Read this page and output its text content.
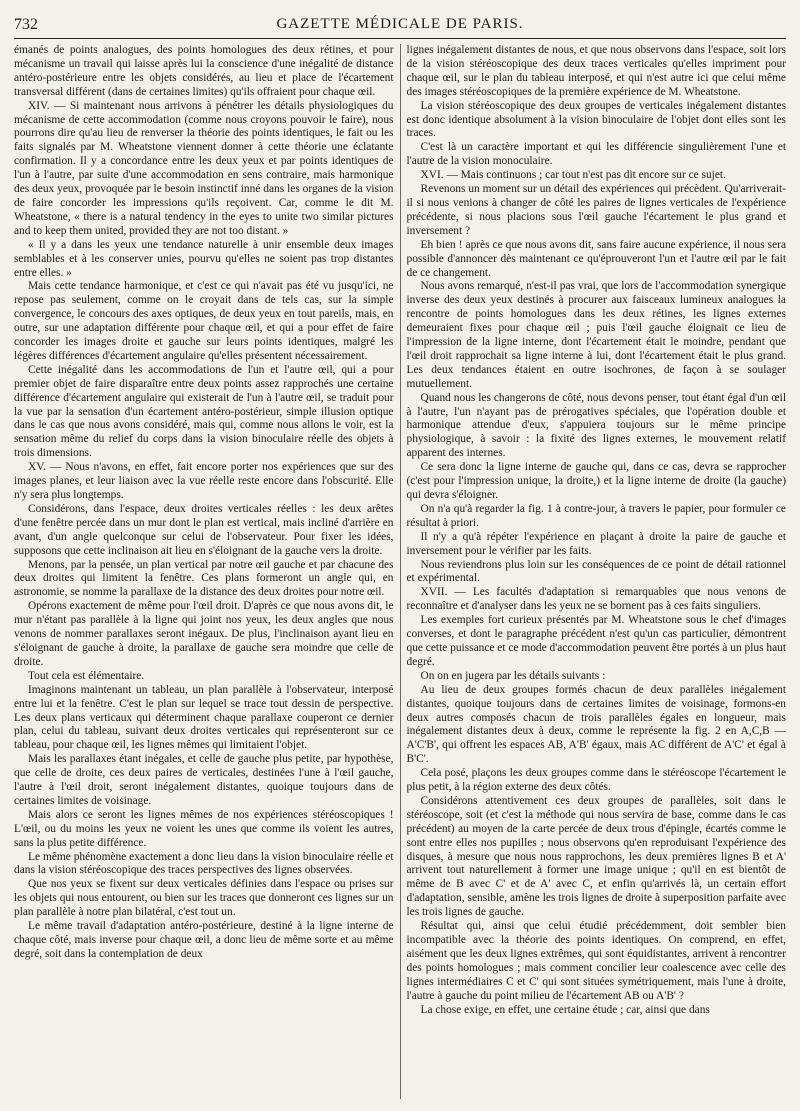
732	GAZETTE MÉDICALE DE PARIS.

émanés de points analogues, des points homologues des deux rétines, et pour mécanisme un travail qui laisse après lui la conscience d'une inégalité de distance antéro-postérieure entre les objets considérés, au lieu et place de l'écartement transversal différent (dans de certaines limites) qu'ils offraient pour chaque œil.

XIV. — Si maintenant nous arrivons à pénétrer les détails physiologiques du mécanisme de cette accommodation (comme nous croyons pouvoir le faire), nous pourrons dire qu'au lieu de renverser la théorie des points identiques, le fait ou les faits signalés par M. Wheatstone viennent donner à cette théorie une éclatante confirmation. Il y a concordance entre les deux yeux et par points identiques de l'un à l'autre, par suite d'une accommodation en sens contraire, mais harmonique des deux yeux, provoquée par le besoin instinctif inné dans les organes de la vision de faire concorder les impressions qu'ils reçoivent. Car, comme le dit M. Wheatstone, « there is a natural tendency in the eyes to unite two similar pictures and to keep them united, provided they are not too distant. »

« Il y a dans les yeux une tendance naturelle à unir ensemble deux images semblables et à les conserver unies, pourvu qu'elles ne soient pas trop distantes entre elles. »

Mais cette tendance harmonique, et c'est ce qui n'avait pas été vu jusqu'ici, ne repose pas seulement, comme on le croyait dans de tels cas, sur la simple convergence, le concours des axes optiques, de deux yeux en tout pareils, mais, en outre, sur une adaptation différente pour chaque œil, et qui a pour effet de faire concorder les images droite et gauche sur leurs points identiques, malgré les légères différences d'écartement angulaire qu'elles présentent nécessairement.

Cette inégalité dans les accommodations de l'un et l'autre œil, qui a pour premier objet de faire disparaître entre deux points assez rapprochés une certaine différence d'écartement angulaire qui existerait de l'un à l'autre œil, se traduit pour la vue par la sensation d'un écartement antéro-postérieur, simple illusion optique dans le cas que nous avons considéré, mais qui, comme nous allons le voir, est la sensation même du relief du corps dans la vision binoculaire réelle des objets à trois dimensions.

XV. — Nous n'avons, en effet, fait encore porter nos expériences que sur des images planes, et leur liaison avec la vue réelle reste encore dans l'obscurité. Elle n'y sera plus longtemps.

Considérons, dans l'espace, deux droites verticales réelles : les deux arêtes d'une fenêtre percée dans un mur dont le plan est vertical, mais incliné d'arrière en avant, d'un angle quelconque sur celui de l'observateur. Pour fixer les idées, supposons que cette inclinaison ait lieu en s'éloignant de la gauche vers la droite.

Menons, par la pensée, un plan vertical par notre œil gauche et par chacune des deux droites qui limitent la fenêtre. Ces plans formeront un angle qui, en astronomie, se nomme la parallaxe de la distance des deux droites pour notre œil.

Opérons exactement de même pour l'œil droit. D'après ce que nous avons dit, le mur n'étant pas parallèle à la ligne qui joint nos yeux, les deux angles que nous venons de nommer parallaxes seront inégaux. De plus, l'inclinaison ayant lieu en s'éloignant de gauche à droite, la parallaxe de gauche sera moindre que celle de droite.

Tout cela est élémentaire.

Imaginons maintenant un tableau, un plan parallèle à l'observateur, interposé entre lui et la fenêtre. C'est le plan sur lequel se trace tout dessin de perspective. Les deux plans verticaux qui déterminent chaque parallaxe couperont ce dernier plan, celui du tableau, suivant deux droites verticales qui représenteront sur ce tableau, pour chaque œil, les lignes mêmes qui limitaient l'objet.

Mais les parallaxes étant inégales, et celle de gauche plus petite, par hypothèse, que celle de droite, ces deux paires de verticales, destinées l'une à l'œil gauche, l'autre à l'œil droit, seront inégalement distantes, quoique toujours dans de certaines limites de voisinage.

Mais alors ce seront les lignes mêmes de nos expériences stéréoscopiques ! L'œil, ou du moins les yeux ne voient les unes que comme ils voient les autres, sans la plus petite différence.

Le même phénomène exactement a donc lieu dans la vision binoculaire réelle et dans la vision stéréoscopique des traces perspectives des lignes observées.

Que nos yeux se fixent sur deux verticales définies dans l'espace ou prises sur les objets qui nous entourent, ou bien sur les traces que donneront ces lignes sur un plan parallèle à notre plan bilatéral, c'est tout un.

Le même travail d'adaptation antéro-postérieure, destiné à la ligne interne de chaque côté, mais inverse pour chaque œil, a donc lieu de même sorte et au même degré, soit dans la contemplation de deux

lignes inégalement distantes de nous, et que nous observons dans l'espace, soit lors de la vision stéréoscopique des deux traces verticales qu'elles impriment pour chaque œil, sur le plan du tableau interposé, et qui n'est autre ici que celui même des images stéréoscopiques de la première expérience de M. Wheatstone.

La vision stéréoscopique des deux groupes de verticales inégalement distantes est donc identique absolument à la vision binoculaire de l'objet dont elles sont les traces.

C'est là un caractère important et qui les différencie singulièrement l'une et l'autre de la vision monoculaire.

XVI. — Mais continuons ; car tout n'est pas dit encore sur ce sujet.

Revenons un moment sur un détail des expériences qui précèdent. Qu'arriverait-il si nous venions à changer de côté les paires de lignes verticales de l'expérience précédente, si nous placions sous l'œil gauche l'écartement le plus grand et inversement ?

Eh bien ! après ce que nous avons dit, sans faire aucune expérience, il nous sera possible d'annoncer dès maintenant ce qu'éprouveront l'un et l'autre œil par le fait de ce changement.

Nous avons remarqué, n'est-il pas vrai, que lors de l'accommodation synergique inverse des deux yeux destinés à procurer aux faisceaux lumineux analogues la rencontre de points homologues dans les deux rétines, les lignes externes demeuraient fixes pour chaque œil ; puis l'œil gauche éloignait ce lieu de l'impression de la ligne interne, dont l'écartement était le moindre, pendant que l'œil droit rapprochait sa ligne interne à lui, dont l'écartement était le plus grand. Les deux tendances étaient en outre isochrones, de façon à se soulager mutuellement.

Quand nous les changerons de côté, nous devons penser, tout étant égal d'un œil à l'autre, l'un n'ayant pas de prérogatives spéciales, que l'opération double et harmonique attendue d'eux, s'appuiera toujours sur le même principe physiologique, à savoir : la fixité des lignes externes, le mouvement relatif apparent des internes.

Ce sera donc la ligne interne de gauche qui, dans ce cas, devra se rapprocher (c'est pour l'impression unique, la droite,) et la ligne interne de droite (la gauche) qui devra s'éloigner.

On n'a qu'à regarder la fig. 1 à contre-jour, à travers le papier, pour formuler ce résultat à priori.

Il n'y a qu'à répéter l'expérience en plaçant à droite la paire de gauche et inversement pour le vérifier par les faits.

Nous reviendrons plus loin sur les conséquences de ce point de détail rationnel et expérimental.

XVII. — Les facultés d'adaptation si remarquables que nous venons de reconnaître et d'analyser dans les yeux ne se bornent pas à ces faits singuliers.

Les exemples fort curieux présentés par M. Wheatstone sous le chef d'images converses, et dont le paragraphe précédent n'est qu'un cas particulier, démontrent que cette puissance et ce mode d'accommodation peuvent être portés à un plus haut degré.

On on en jugera par les détails suivants :

Au lieu de deux groupes formés chacun de deux parallèles inégalement distantes, quoique toujours dans de certaines limites de voisinage, formons-en deux autres composés chacun de trois parallèles égales en longueur, mais inégalement distantes deux à deux, comme le représente la fig. 2 en A,C,B — A'C'B', qui offrent les espaces AB, A'B' égaux, mais AC différent de A'C' et égal à B'C'.

Cela posé, plaçons les deux groupes comme dans le stéréoscope l'écartement le plus petit, à la région externe des deux côtés.

Considérons attentivement ces deux groupes de parallèles, soit dans le stéréoscope, soit (et c'est la méthode qui nous servira de base, comme dans le cas précédent) au moyen de la carte percée de deux trous d'épingle, écartés comme le sont entre elles nos pupilles ; nous observons qu'en reproduisant l'expérience des disques, à mesure que nous nous rapprochons, les deux premières lignes B et A' arrivent tout naturellement à former une image unique ; qu'il en est bientôt de même de B avec C' et de A' avec C, et enfin qu'arrivés là, un certain effort d'adaptation, sensible, amène les trois lignes de droite à superposition parfaite avec les trois lignes de gauche.

Résultat qui, ainsi que celui étudié précédemment, doit sembler bien incompatible avec la théorie des points identiques. On comprend, en effet, aisément que les deux lignes extrêmes, qui sont équidistantes, arrivent à rencontrer des points homologues ; mais comment concilier leur coalescence avec celle des lignes intermédiaires C et C' qui sont situées symétriquement, mais l'une à droite, l'autre à gauche du point milieu de l'écartement AB ou A'B' ?

La chose exige, en effet, une certaine étude ; car, ainsi que dans
